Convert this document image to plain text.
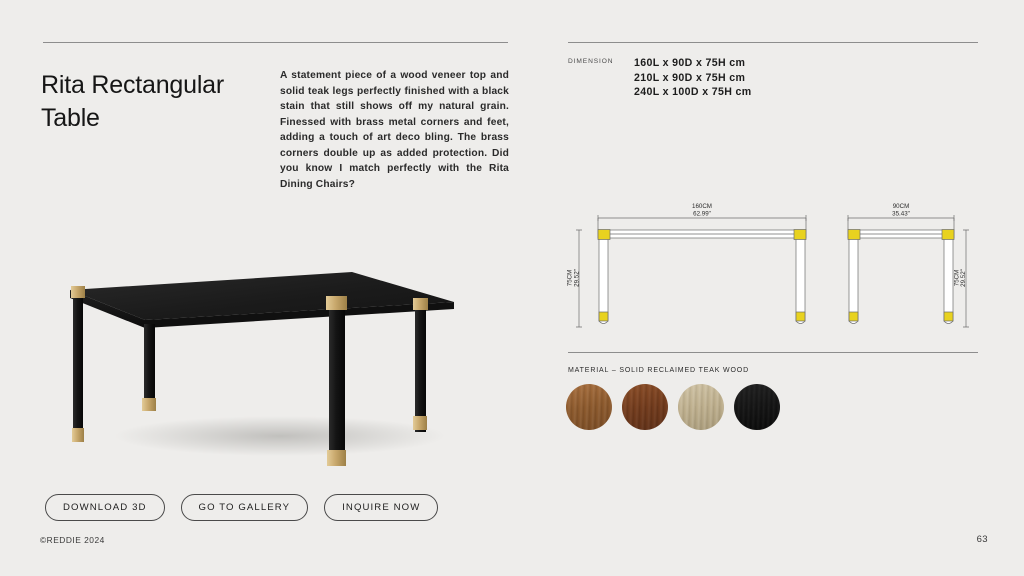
Rita Rectangular Table

A statement piece of a wood veneer top and solid teak legs perfectly finished with a black stain that still shows off my natural grain. Finessed with brass metal corners and feet, adding a touch of art deco bling. The brass corners double up as added protection. Did you know I match perfectly with the Rita Dining Chairs?

DOWNLOAD 3D	GO TO GALLERY	INQUIRE NOW
©REDDIE 2024	63
DIMENSION 160L x 90D x 75H cm
210L x 90D x 75H cm
240L x 100D x 75H cm
160CM
62.99"
90CM
35.43"
75CM 29.52"	75CM 29.52"
MATERIAL – SOLID RECLAIMED TEAK WOOD
